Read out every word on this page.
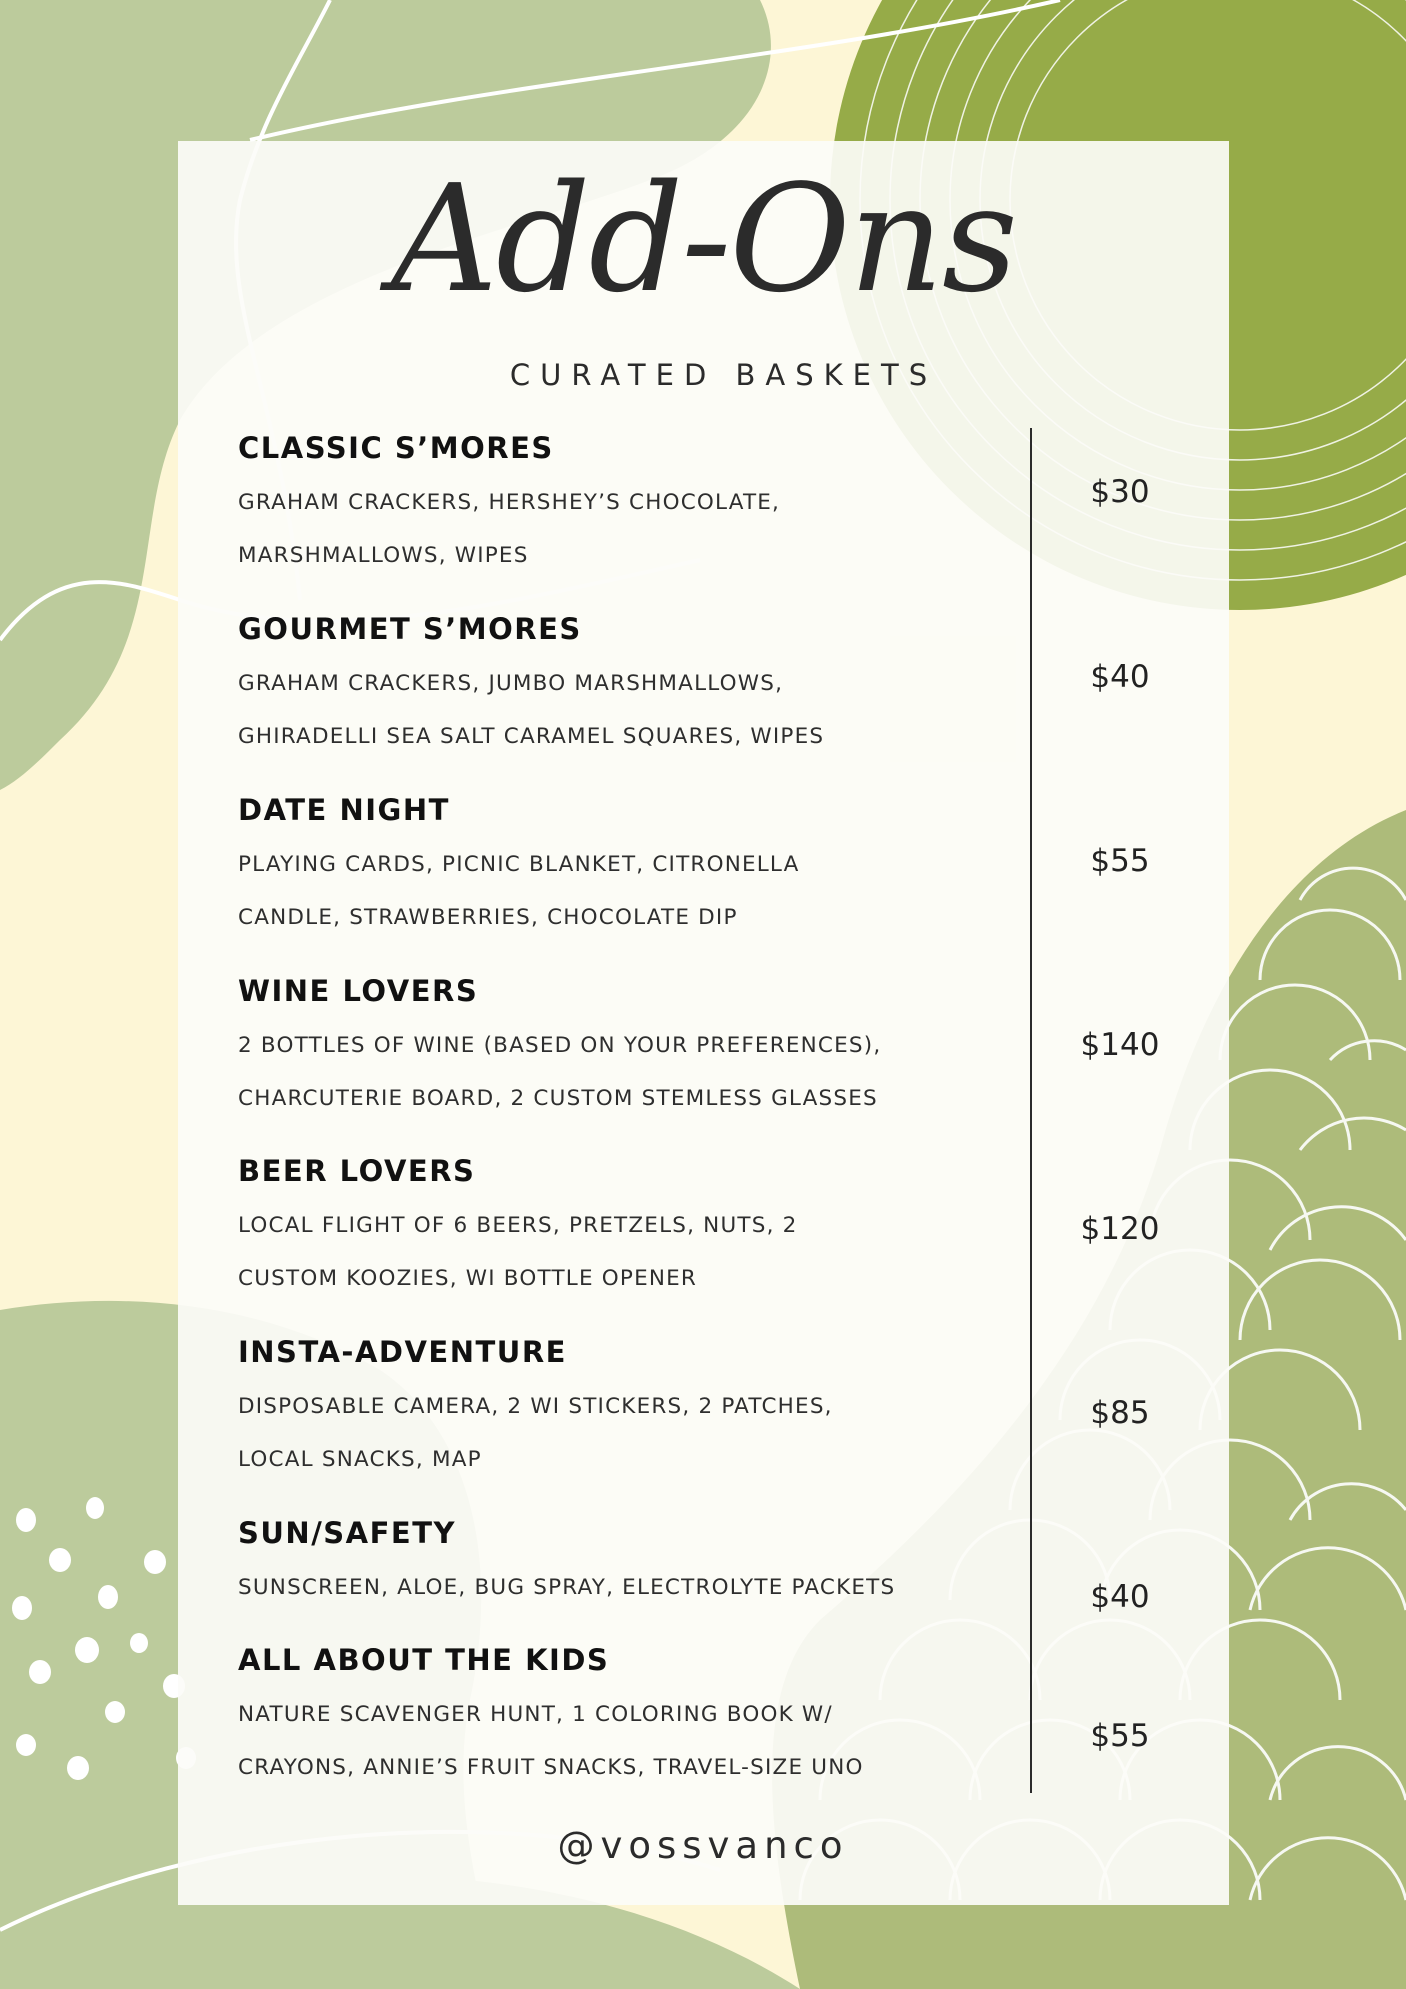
Add-Ons
CURATED BASKETS
CLASSIC S’MORES
GRAHAM CRACKERS, HERSHEY’S CHOCOLATE,
MARSHMALLOWS, WIPES
$30
GOURMET S’MORES
GRAHAM CRACKERS, JUMBO MARSHMALLOWS,
GHIRADELLI SEA SALT CARAMEL SQUARES, WIPES
$40
DATE NIGHT
PLAYING CARDS, PICNIC BLANKET, CITRONELLA
CANDLE, STRAWBERRIES, CHOCOLATE DIP
$55
WINE LOVERS
2 BOTTLES OF WINE (BASED ON YOUR PREFERENCES),
CHARCUTERIE BOARD, 2 CUSTOM STEMLESS GLASSES
$140
BEER LOVERS
LOCAL FLIGHT OF 6 BEERS, PRETZELS, NUTS, 2
CUSTOM KOOZIES, WI BOTTLE OPENER
$120
INSTA-ADVENTURE
DISPOSABLE CAMERA, 2 WI STICKERS, 2 PATCHES,
LOCAL SNACKS, MAP
$85
SUN/SAFETY
SUNSCREEN, ALOE, BUG SPRAY, ELECTROLYTE PACKETS	$40
ALL ABOUT THE KIDS
NATURE SCAVENGER HUNT, 1 COLORING BOOK W/
CRAYONS, ANNIE’S FRUIT SNACKS, TRAVEL-SIZE UNO
$55
@vossvanco
